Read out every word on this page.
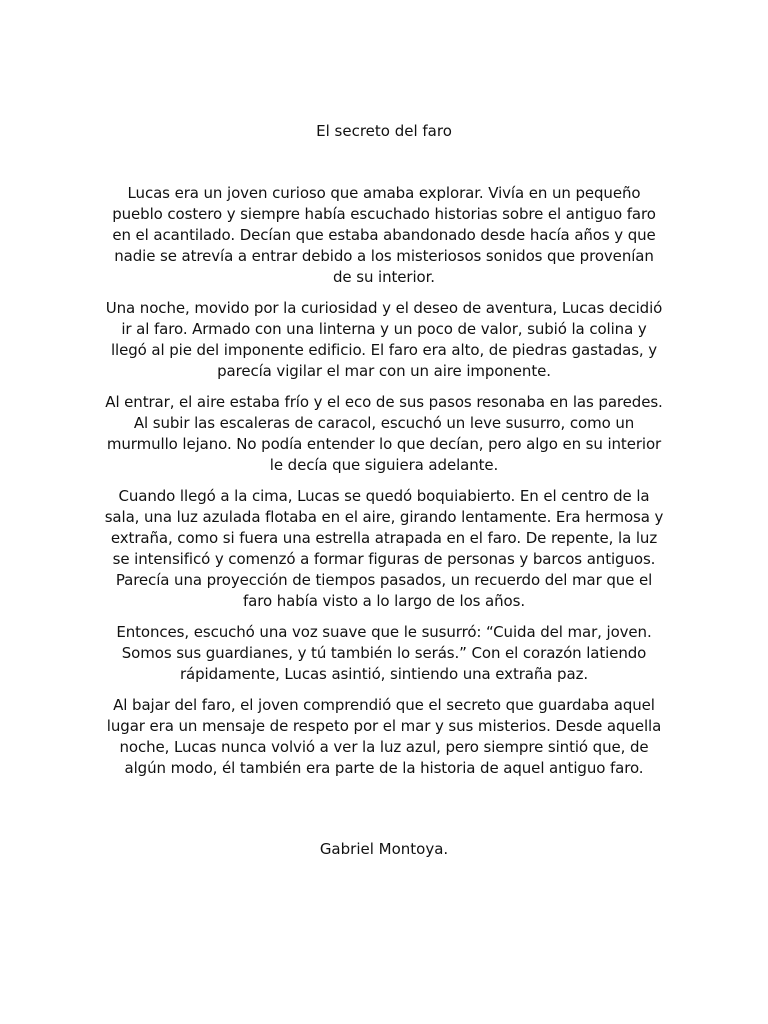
El secreto del faro

Lucas era un joven curioso que amaba explorar. Vivía en un pequeño pueblo costero y siempre había escuchado historias sobre el antiguo faro en el acantilado. Decían que estaba abandonado desde hacía años y que nadie se atrevía a entrar debido a los misteriosos sonidos que provenían de su interior.

Una noche, movido por la curiosidad y el deseo de aventura, Lucas decidió ir al faro. Armado con una linterna y un poco de valor, subió la colina y llegó al pie del imponente edificio. El faro era alto, de piedras gastadas, y parecía vigilar el mar con un aire imponente.

Al entrar, el aire estaba frío y el eco de sus pasos resonaba en las paredes. Al subir las escaleras de caracol, escuchó un leve susurro, como un murmullo lejano. No podía entender lo que decían, pero algo en su interior le decía que siguiera adelante.

Cuando llegó a la cima, Lucas se quedó boquiabierto. En el centro de la sala, una luz azulada flotaba en el aire, girando lentamente. Era hermosa y extraña, como si fuera una estrella atrapada en el faro. De repente, la luz se intensificó y comenzó a formar figuras de personas y barcos antiguos. Parecía una proyección de tiempos pasados, un recuerdo del mar que el faro había visto a lo largo de los años.

Entonces, escuchó una voz suave que le susurró: “Cuida del mar, joven. Somos sus guardianes, y tú también lo serás.” Con el corazón latiendo rápidamente, Lucas asintió, sintiendo una extraña paz.

Al bajar del faro, el joven comprendió que el secreto que guardaba aquel lugar era un mensaje de respeto por el mar y sus misterios. Desde aquella noche, Lucas nunca volvió a ver la luz azul, pero siempre sintió que, de algún modo, él también era parte de la historia de aquel antiguo faro.

Gabriel Montoya.
